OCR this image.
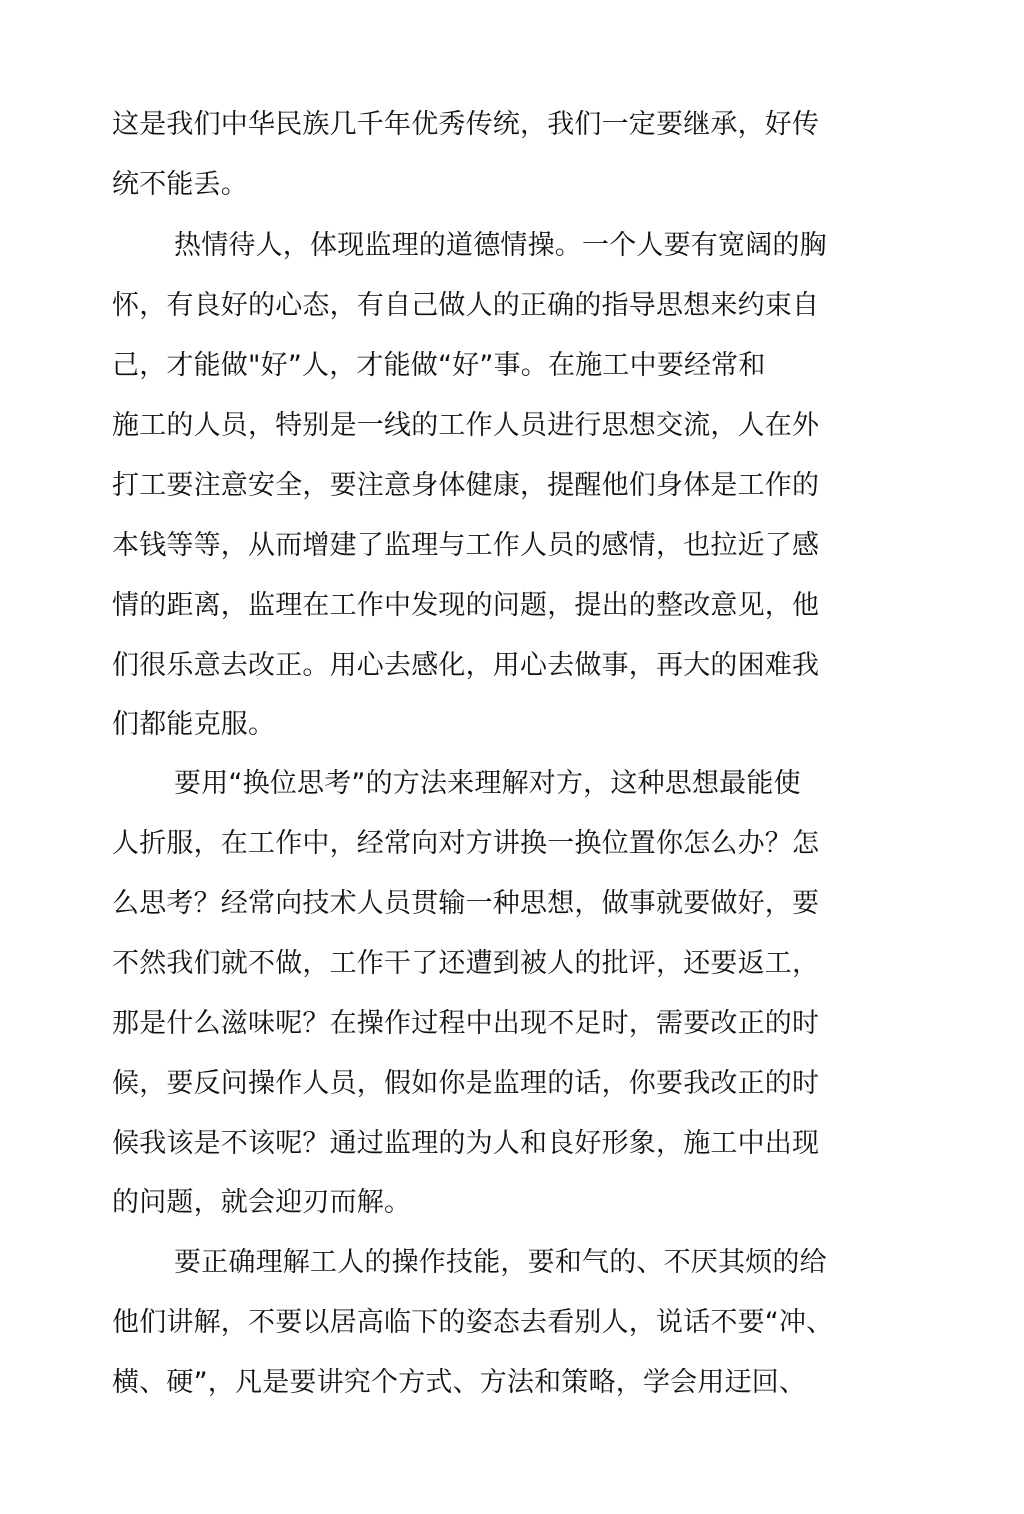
这是我们中华民族几千年优秀传统，我们一定要继承，好传
统不能丢。
热情待人，体现监理的道德情操。一个人要有宽阔的胸
怀，有良好的心态，有自己做人的正确的指导思想来约束自
己，才能做"好”人，才能做“好”事。在施工中要经常和
施工的人员，特别是一线的工作人员进行思想交流，人在外
打工要注意安全，要注意身体健康，提醒他们身体是工作的
本钱等等，从而增建了监理与工作人员的感情，也拉近了感
情的距离，监理在工作中发现的问题，提出的整改意见，他
们很乐意去改正。用心去感化，用心去做事，再大的困难我
们都能克服。
要用“换位思考”的方法来理解对方，这种思想最能使
人折服，在工作中，经常向对方讲换一换位置你怎么办？怎
么思考？经常向技术人员贯输一种思想，做事就要做好，要
不然我们就不做，工作干了还遭到被人的批评，还要返工，
那是什么滋味呢？在操作过程中出现不足时，需要改正的时
候，要反问操作人员，假如你是监理的话，你要我改正的时
候我该是不该呢？通过监理的为人和良好形象，施工中出现
的问题，就会迎刃而解。
要正确理解工人的操作技能，要和气的、不厌其烦的给
他们讲解，不要以居高临下的姿态去看别人，说话不要“冲、
横、硬”，凡是要讲究个方式、方法和策略，学会用迂回、
